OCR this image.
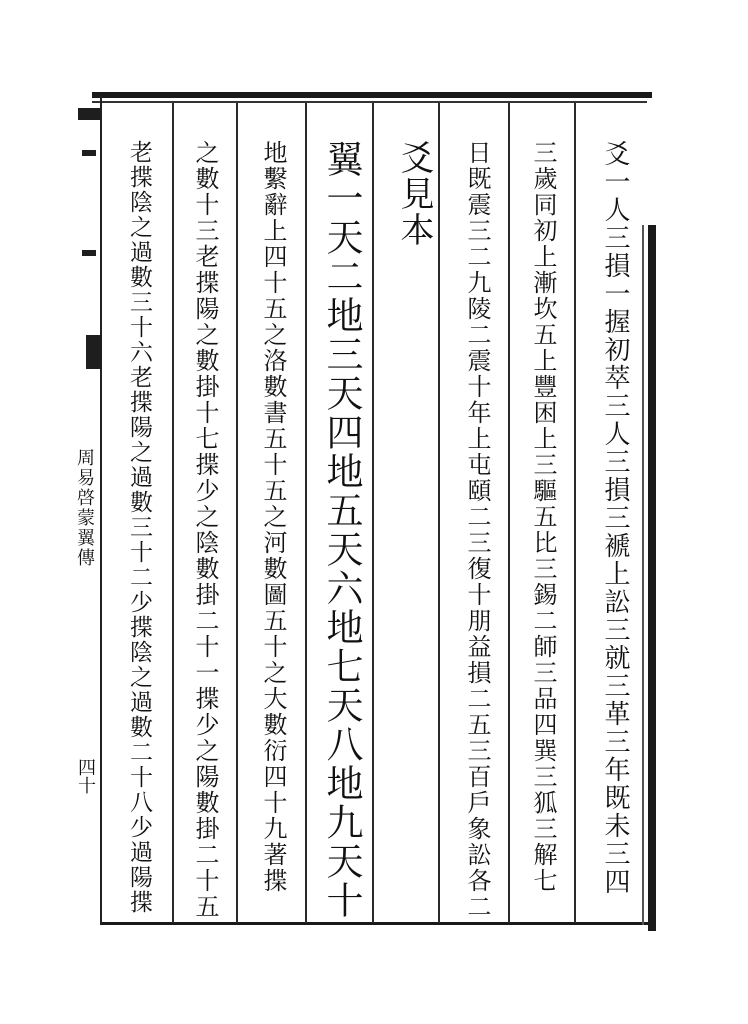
周易啓蒙翼傳
四十	爻一人三損一握初萃三人三損三褫上訟三就三革三年既未三四
三歲同初上漸坎五上豐困上三驅五比三錫二師三品四巽三狐三解七
日既震三二九陵二震十年上屯頤二三復十朋益損二五三百戶象訟各二
爻見本
翼一天二地三天四地五天六地七天八地九天十
地繫辭上四十五之洛數書五十五之河數圖五十之大數衍四十九著揲
之數十三老揲陽之數掛十七揲少之陰數掛二十一揲少之陽數掛二十五
老揲陰之過數三十六老揲陽之過數三十二少揲陰之過數二十八少過陽揲
